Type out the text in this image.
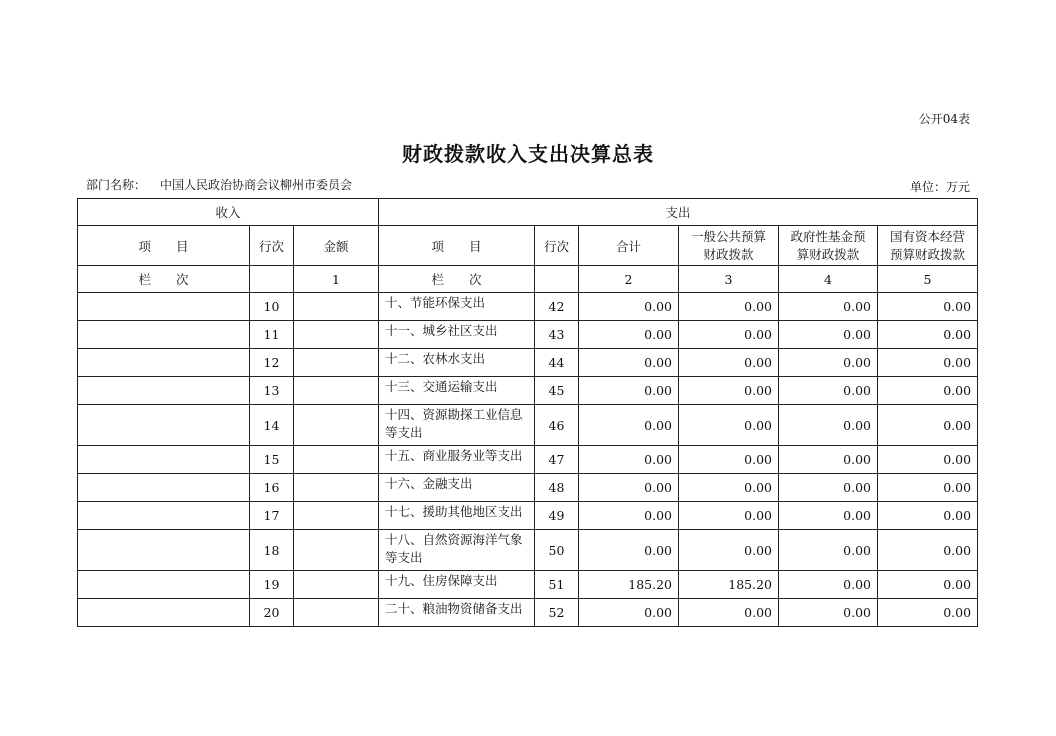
公开04表
财政拨款收入支出决算总表
部门名称： 中国人民政治协商会议柳州市委员会	单位：万元
收入			支出					
项　　目	行次	金额	项　　目	行次	合计	一般公共预算财政拨款	政府性基金预算财政拨款	国有资本经营预算财政拨款
栏　　次		1	栏　　次		2	3	4	5
	10		十、节能环保支出	42	0.00	0.00	0.00	0.00
	11		十一、城乡社区支出	43	0.00	0.00	0.00	0.00
	12		十二、农林水支出	44	0.00	0.00	0.00	0.00
	13		十三、交通运输支出	45	0.00	0.00	0.00	0.00
	14		十四、资源勘探工业信息等支出	46	0.00	0.00	0.00	0.00
	15		十五、商业服务业等支出	47	0.00	0.00	0.00	0.00
	16		十六、金融支出	48	0.00	0.00	0.00	0.00
	17		十七、援助其他地区支出	49	0.00	0.00	0.00	0.00
	18		十八、自然资源海洋气象等支出	50	0.00	0.00	0.00	0.00
	19		十九、住房保障支出	51	185.20	185.20	0.00	0.00
	20		二十、粮油物资储备支出	52	0.00	0.00	0.00	0.00
